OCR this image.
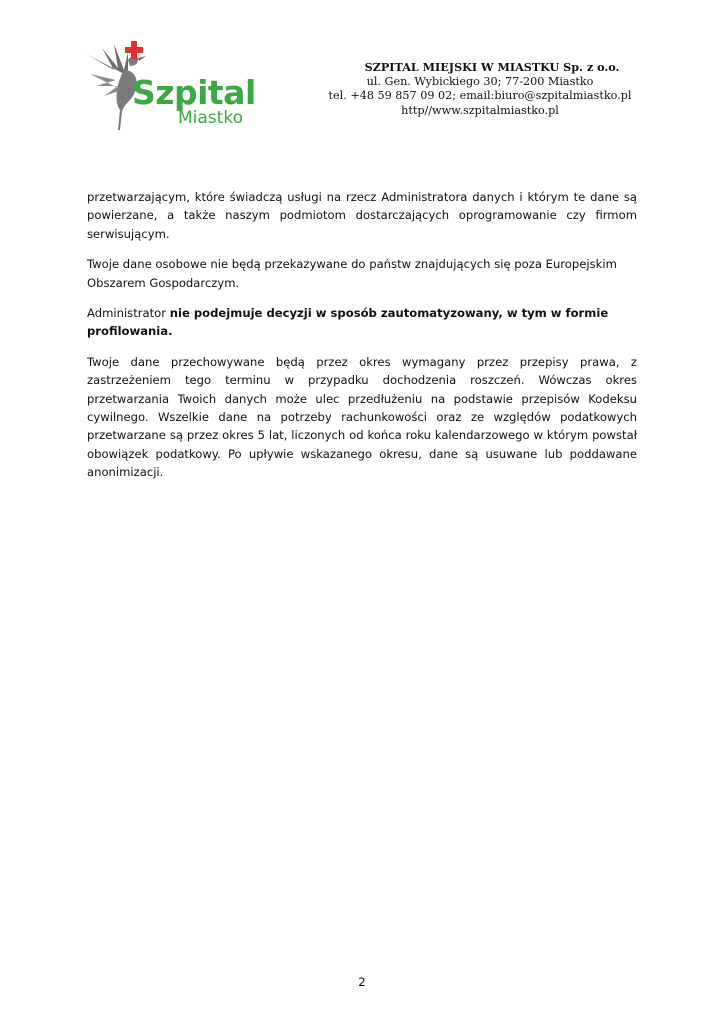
Szpital
Miastko
SZPITAL MIEJSKI W MIASTKU Sp. z o.o.
ul. Gen. Wybickiego 30; 77-200 Miastko
tel. +48 59 857 09 02; email:biuro@szpitalmiastko.pl
http//www.szpitalmiastko.pl

przetwarzającym, które świadczą usługi na rzecz Administratora danych i którym te dane są powierzane, a także naszym podmiotom dostarczających oprogramowanie czy firmom serwisującym.

Twoje dane osobowe nie będą przekazywane do państw znajdujących się poza Europejskim Obszarem Gospodarczym.

Administrator nie podejmuje decyzji w sposób zautomatyzowany, w tym w formie profilowania.

Twoje dane przechowywane będą przez okres wymagany przez przepisy prawa, z zastrzeżeniem tego terminu w przypadku dochodzenia roszczeń. Wówczas okres przetwarzania Twoich danych może ulec przedłużeniu na podstawie przepisów Kodeksu cywilnego. Wszelkie dane na potrzeby rachunkowości oraz ze względów podatkowych przetwarzane są przez okres 5 lat, liczonych od końca roku kalendarzowego w którym powstał obowiązek podatkowy. Po upływie wskazanego okresu, dane są usuwane lub poddawane anonimizacji.

2
